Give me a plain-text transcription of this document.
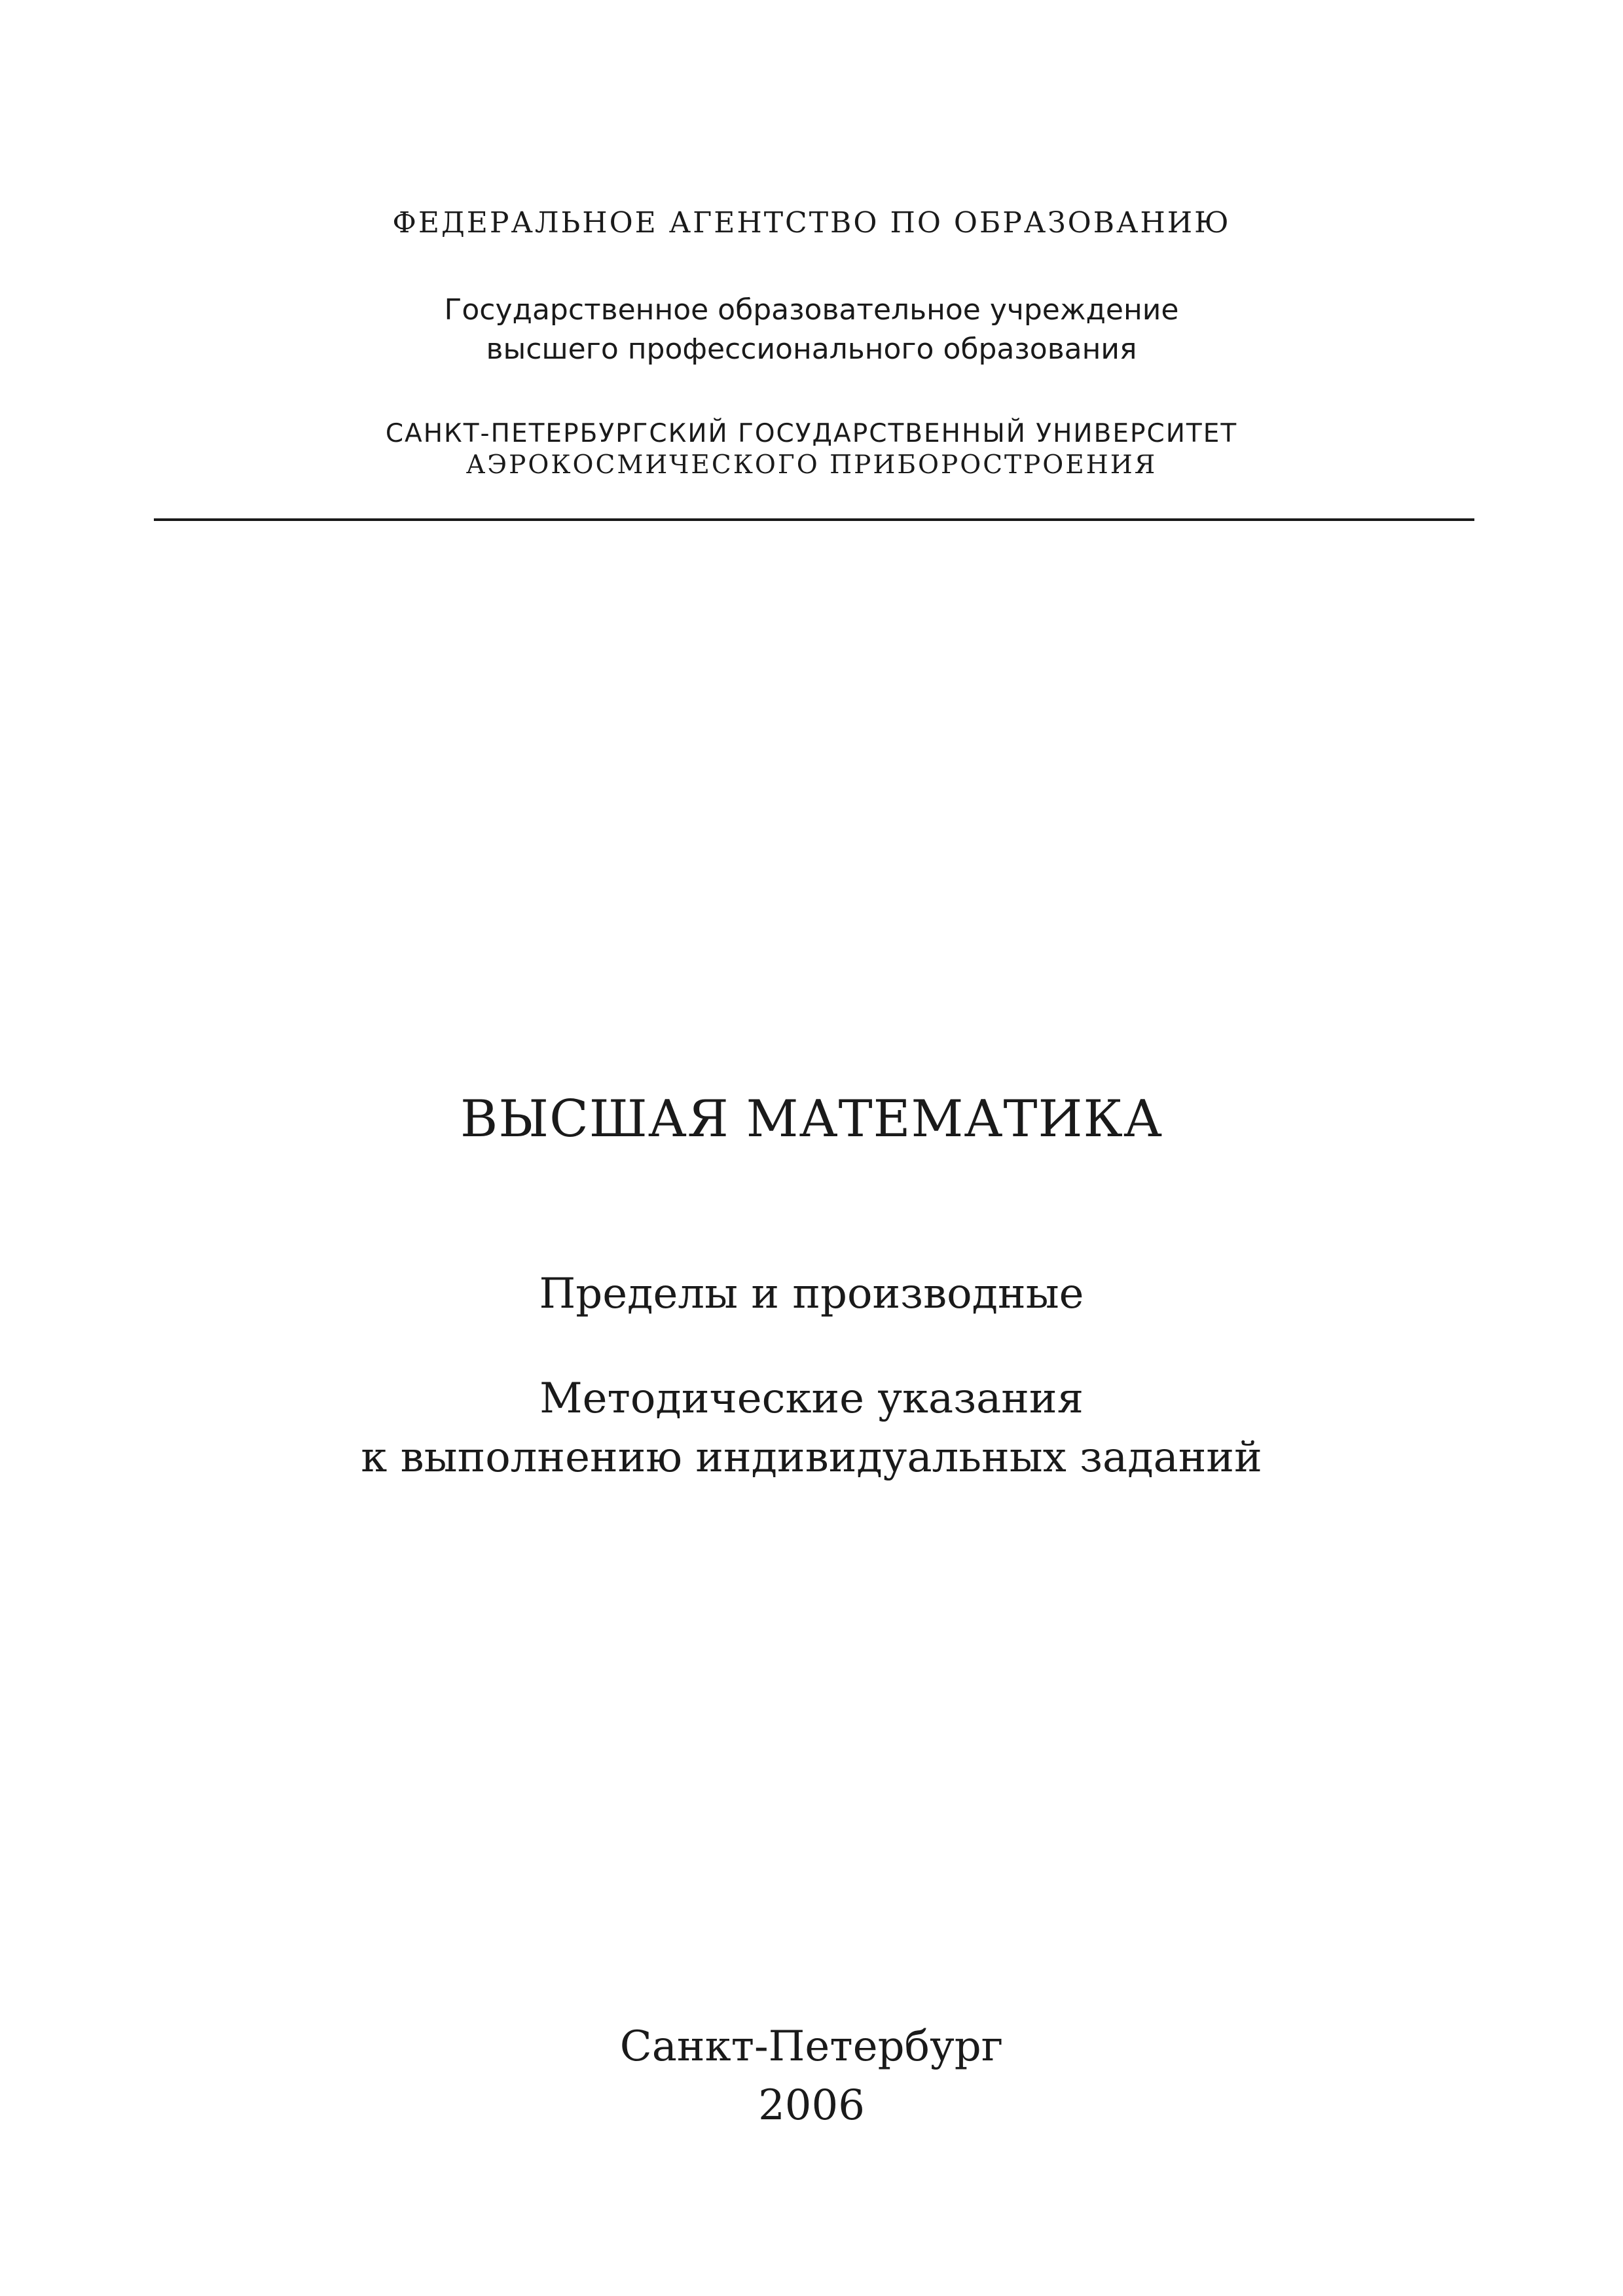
ФЕДЕРАЛЬНОЕ АГЕНТСТВО ПО ОБРАЗОВАНИЮ
Государственное образовательное учреждение
высшего профессионального образования
САНКТ-ПЕТЕРБУРГСКИЙ ГОСУДАРСТВЕННЫЙ УНИВЕРСИТЕТ
АЭРОКОСМИЧЕСКОГО ПРИБОРОСТРОЕНИЯ
ВЫСШАЯ МАТЕМАТИКА
Пределы и производные
Методические указания
к выполнению индивидуальных заданий
Санкт-Петербург
2006
